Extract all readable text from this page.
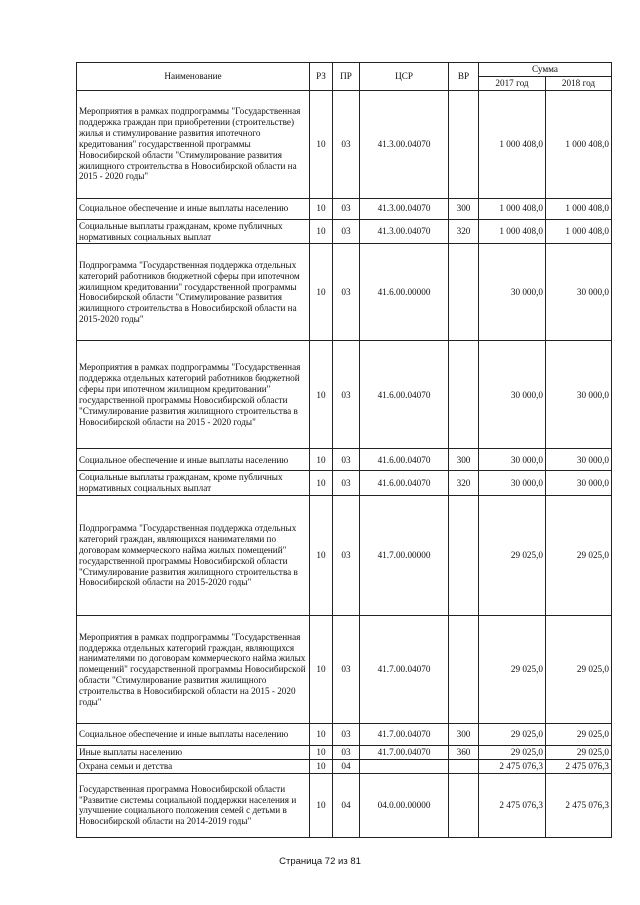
Наименование	РЗ	ПР	ЦСР	ВР	Сумма	
					2017 год	2018 год
Мероприятия в рамках подпрограммы "Государственная поддержка граждан при приобретении (строительстве) жилья и стимулирование развития ипотечного кредитования" государственной программы Новосибирской области "Стимулирование развития жилищного строительства в Новосибирской области на 2015 - 2020 годы"	10	03	41.3.00.04070		1 000 408,0	1 000 408,0
Социальное обеспечение и иные выплаты населению	10	03	41.3.00.04070	300	1 000 408,0	1 000 408,0
Социальные выплаты гражданам, кроме публичных нормативных социальных выплат	10	03	41.3.00.04070	320	1 000 408,0	1 000 408,0
Подпрограмма "Государственная поддержка отдельных категорий работников бюджетной сферы при ипотечном жилищном кредитовании" государственной программы Новосибирской области "Стимулирование развития жилищного строительства в Новосибирской области на 2015-2020 годы"	10	03	41.6.00.00000		30 000,0	30 000,0
Мероприятия в рамках подпрограммы "Государственная поддержка отдельных категорий работников бюджетной сферы при ипотечном жилищном кредитовании" государственной программы Новосибирской области "Стимулирование развития жилищного строительства в Новосибирской области на 2015 - 2020 годы"	10	03	41.6.00.04070		30 000,0	30 000,0
Социальное обеспечение и иные выплаты населению	10	03	41.6.00.04070	300	30 000,0	30 000,0
Социальные выплаты гражданам, кроме публичных нормативных социальных выплат	10	03	41.6.00.04070	320	30 000,0	30 000,0
Подпрограмма "Государственная поддержка отдельных категорий граждан, являющихся нанимателями по договорам коммерческого найма жилых помещений" государственной программы Новосибирской области "Стимулирование развития жилищного строительства в Новосибирской области на 2015-2020 годы"	10	03	41.7.00.00000		29 025,0	29 025,0
Мероприятия в рамках подпрограммы "Государственная поддержка отдельных категорий граждан, являющихся нанимателями по договорам коммерческого найма жилых помещений" государственной программы Новосибирской области "Стимулирование развития жилищного строительства в Новосибирской области на 2015 - 2020 годы"	10	03	41.7.00.04070		29 025,0	29 025,0
Социальное обеспечение и иные выплаты населению	10	03	41.7.00.04070	300	29 025,0	29 025,0
Иные выплаты населению	10	03	41.7.00.04070	360	29 025,0	29 025,0
Охрана семьи и детства	10	04			2 475 076,3	2 475 076,3
Государственная программа Новосибирской области "Развитие системы социальной поддержки населения и улучшение социального положения семей с детьми в Новосибирской области на 2014-2019 годы"	10	04	04.0.00.00000		2 475 076,3	2 475 076,3
Страница 72 из 81
